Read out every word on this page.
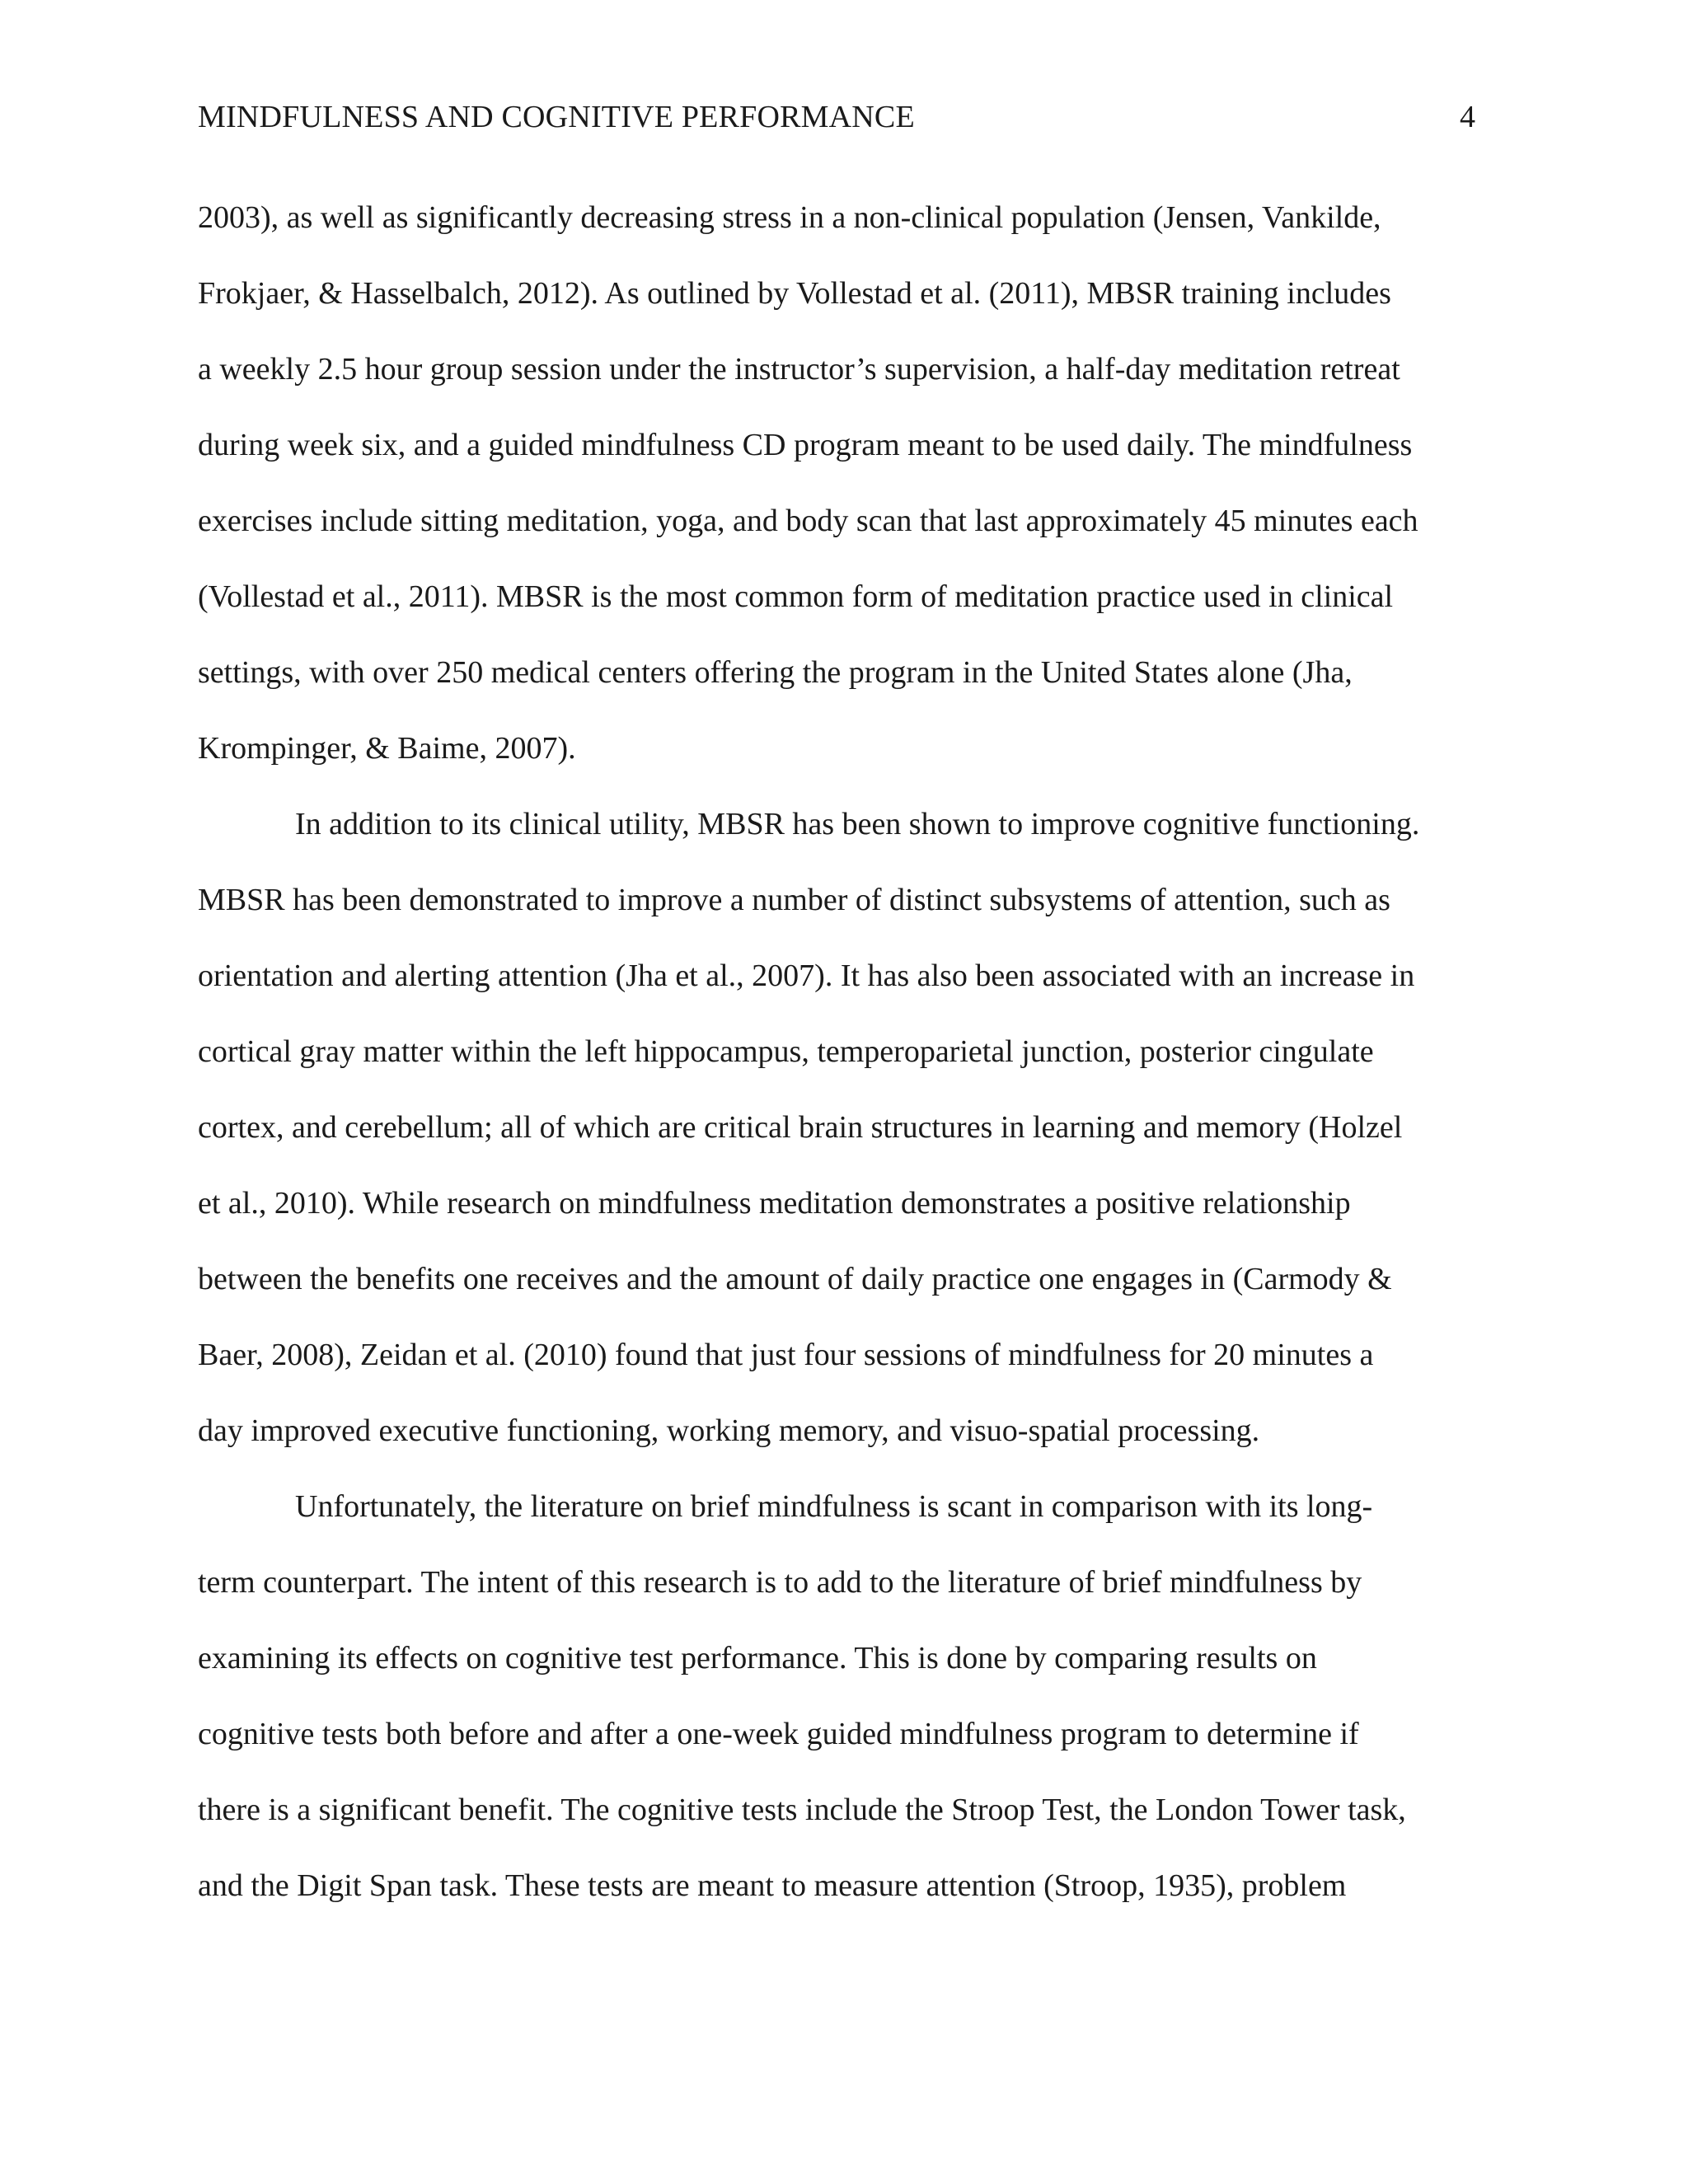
MINDFULNESS AND COGNITIVE PERFORMANCE	4
2003), as well as significantly decreasing stress in a non-clinical population (Jensen, Vankilde,
Frokjaer, & Hasselbalch, 2012). As outlined by Vollestad et al. (2011), MBSR training includes
a weekly 2.5 hour group session under the instructor’s supervision, a half-day meditation retreat
during week six, and a guided mindfulness CD program meant to be used daily. The mindfulness
exercises include sitting meditation, yoga, and body scan that last approximately 45 minutes each
(Vollestad et al., 2011). MBSR is the most common form of meditation practice used in clinical
settings, with over 250 medical centers offering the program in the United States alone (Jha,
Krompinger, & Baime, 2007).
In addition to its clinical utility, MBSR has been shown to improve cognitive functioning.
MBSR has been demonstrated to improve a number of distinct subsystems of attention, such as
orientation and alerting attention (Jha et al., 2007). It has also been associated with an increase in
cortical gray matter within the left hippocampus, temperoparietal junction, posterior cingulate
cortex, and cerebellum; all of which are critical brain structures in learning and memory (Holzel
et al., 2010). While research on mindfulness meditation demonstrates a positive relationship
between the benefits one receives and the amount of daily practice one engages in (Carmody &
Baer, 2008), Zeidan et al. (2010) found that just four sessions of mindfulness for 20 minutes a
day improved executive functioning, working memory, and visuo-spatial processing.
Unfortunately, the literature on brief mindfulness is scant in comparison with its long-
term counterpart. The intent of this research is to add to the literature of brief mindfulness by
examining its effects on cognitive test performance. This is done by comparing results on
cognitive tests both before and after a one-week guided mindfulness program to determine if
there is a significant benefit. The cognitive tests include the Stroop Test, the London Tower task,
and the Digit Span task. These tests are meant to measure attention (Stroop, 1935), problem
